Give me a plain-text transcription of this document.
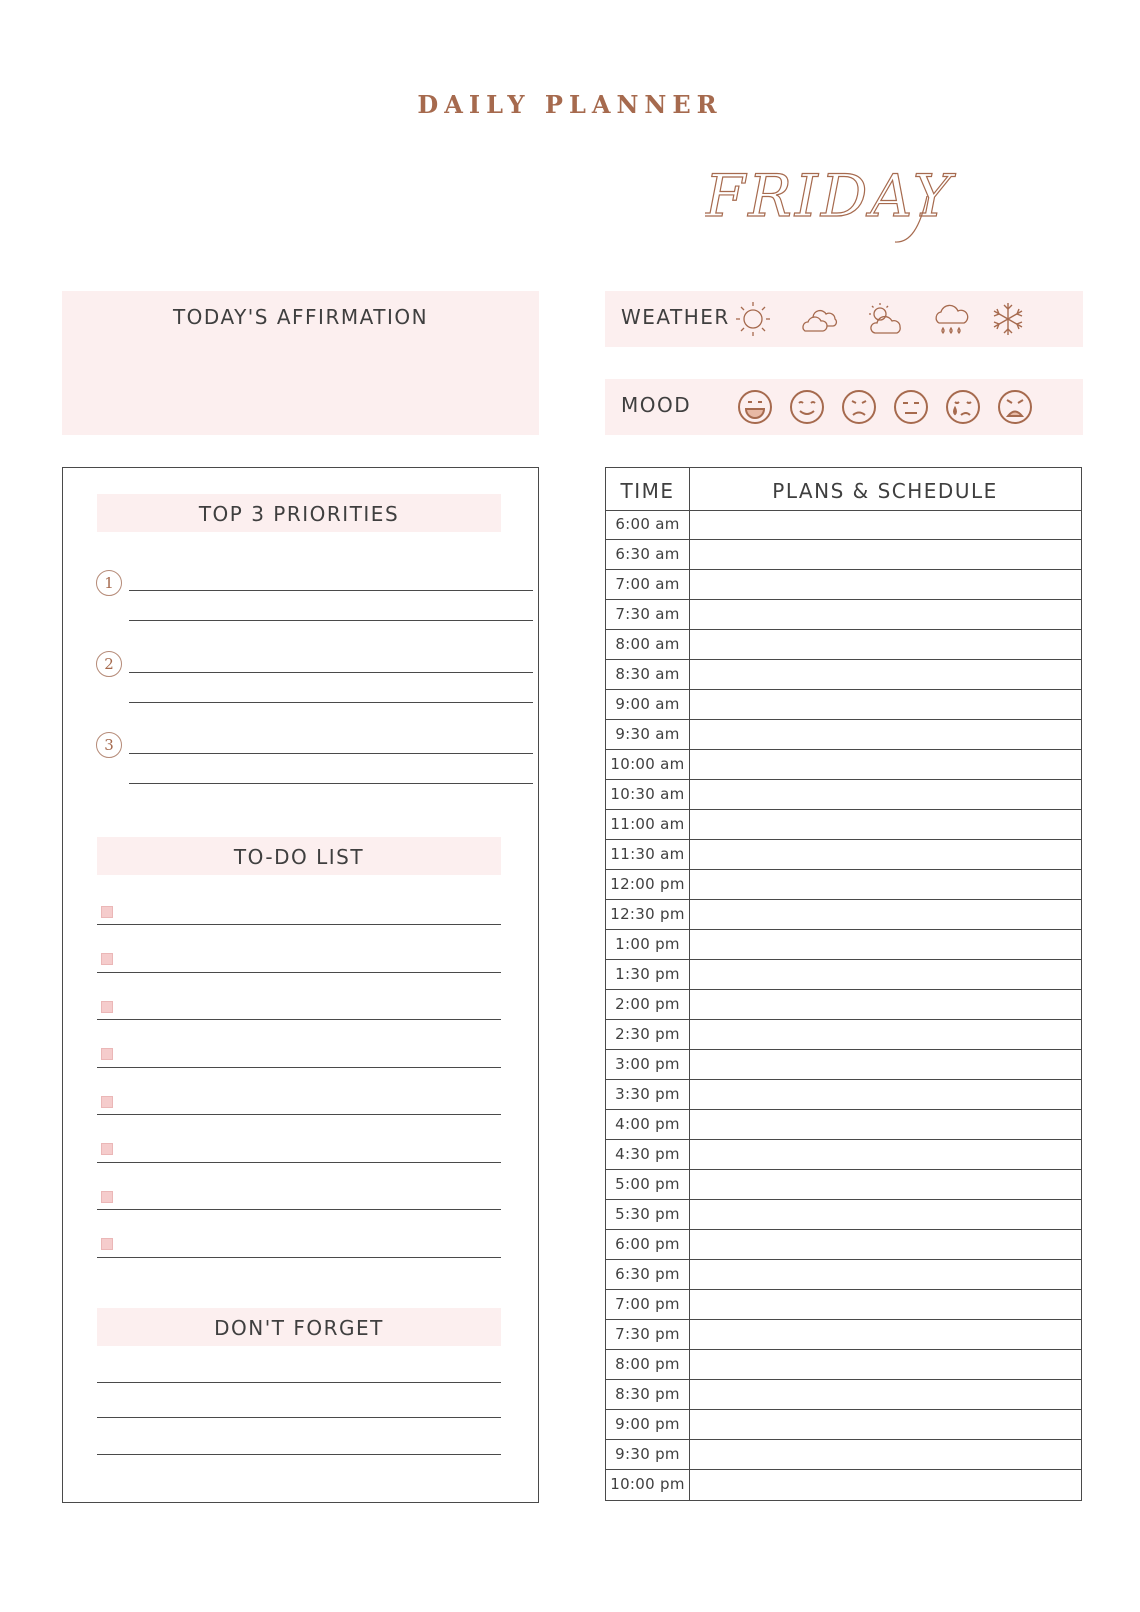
DAILY PLANNER
FRIDAY
TODAY'S AFFIRMATION	WEATHER
MOOD
TOP 3 PRIORITIES
1
2
3
TO-DO LIST
DON'T FORGET
TIME	PLANS & SCHEDULE
6:00 am
6:30 am
7:00 am
7:30 am
8:00 am
8:30 am
9:00 am
9:30 am
10:00 am
10:30 am
11:00 am
11:30 am
12:00 pm
12:30 pm
1:00 pm
1:30 pm
2:00 pm
2:30 pm
3:00 pm
3:30 pm
4:00 pm
4:30 pm
5:00 pm
5:30 pm
6:00 pm
6:30 pm
7:00 pm
7:30 pm
8:00 pm
8:30 pm
9:00 pm
9:30 pm
10:00 pm
